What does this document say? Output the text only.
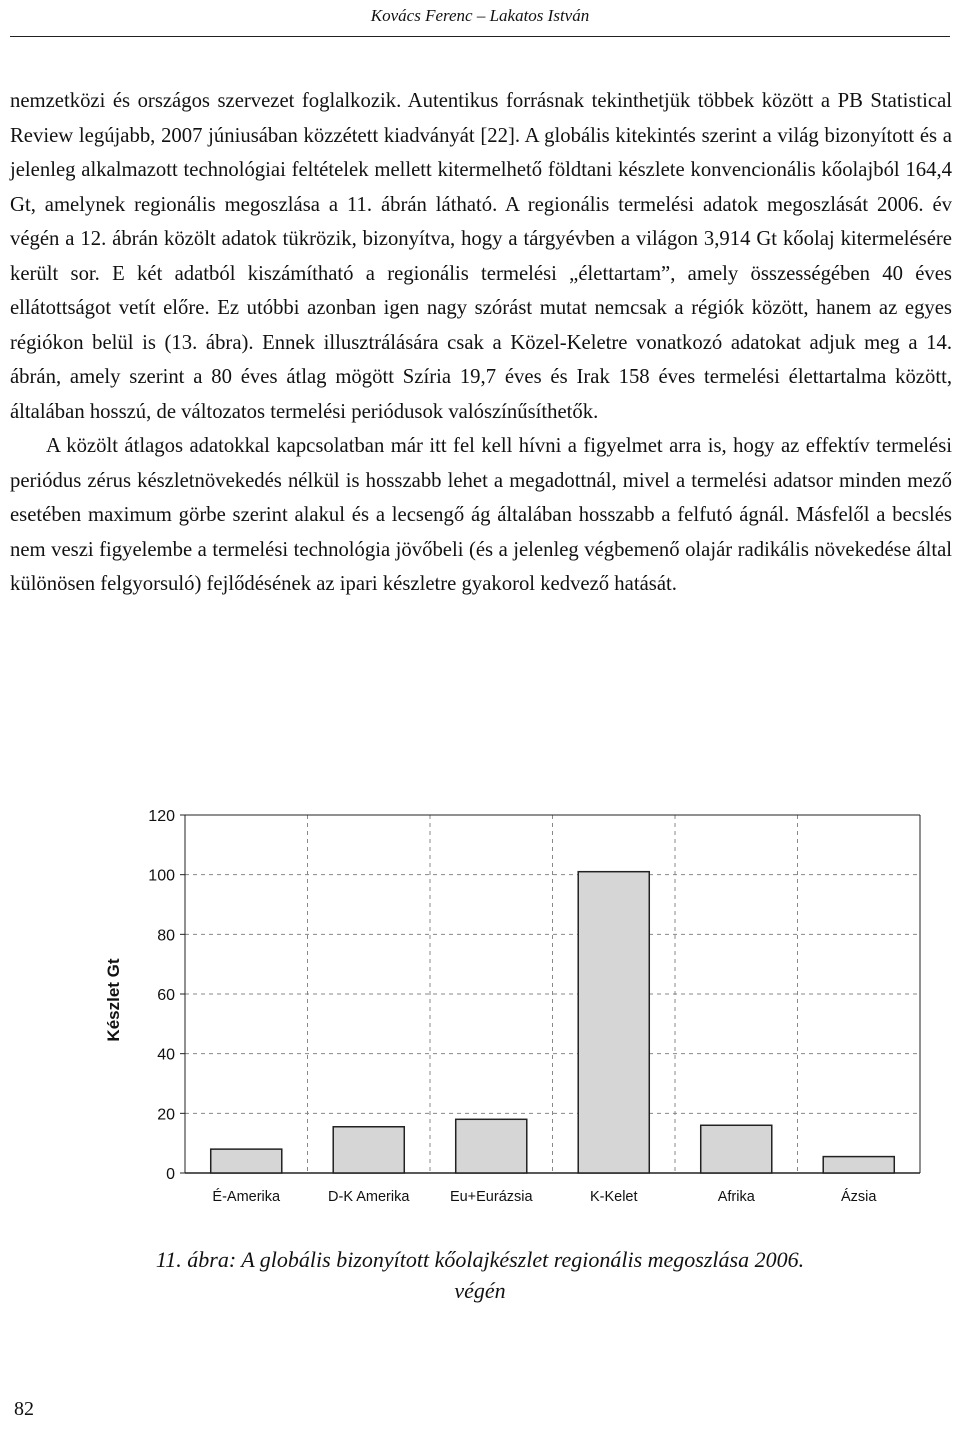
Kovács Ferenc – Lakatos István

nemzetközi és országos szervezet foglalkozik. Autentikus forrásnak tekinthetjük többek között a PB Statistical Review legújabb, 2007 júniusában közzétett kiadványát [22]. A globális kitekintés szerint a világ bizonyított és a jelenleg alkalmazott technológiai feltételek mellett kitermelhető földtani készlete konvencionális kőolajból 164,4 Gt, amelynek regionális megoszlása a 11. ábrán látható. A regionális termelési adatok megoszlását 2006. év végén a 12. ábrán közölt adatok tükrözik, bizonyítva, hogy a tárgyévben a világon 3,914 Gt kőolaj kitermelésére került sor. E két adatból kiszámítható a regionális termelési „élettartam”, amely összességében 40 éves ellátottságot vetít előre. Ez utóbbi azonban igen nagy szórást mutat nemcsak a régiók között, hanem az egyes régiókon belül is (13. ábra). Ennek illusztrálására csak a Közel-Keletre vonatkozó adatokat adjuk meg a 14. ábrán, amely szerint a 80 éves átlag mögött Szíria 19,7 éves és Irak 158 éves termelési élettartalma között, általában hosszú, de változatos termelési periódusok valószínűsíthetők.

A közölt átlagos adatokkal kapcsolatban már itt fel kell hívni a figyelmet arra is, hogy az effektív termelési periódus zérus készletnövekedés nélkül is hosszabb lehet a megadottnál, mivel a termelési adatsor minden mező esetében maximum görbe szerint alakul és a lecsengő ág általában hosszabb a felfutó ágnál. Másfelől a becslés nem veszi figyelembe a termelési technológia jövőbeli (és a jelenleg végbemenő olajár radikális növekedése által különösen felgyorsuló) fejlődésének az ipari készletre gyakorol kedvező hatását.

0
20
40
60
80
100
120
É-Amerika	D-K Amerika	Eu+Eurázsia	K-Kelet	Afrika	Ázsia
Készlet Gt
11. ábra: A globális bizonyított kőolajkészlet regionális megoszlása 2006.
végén
82
